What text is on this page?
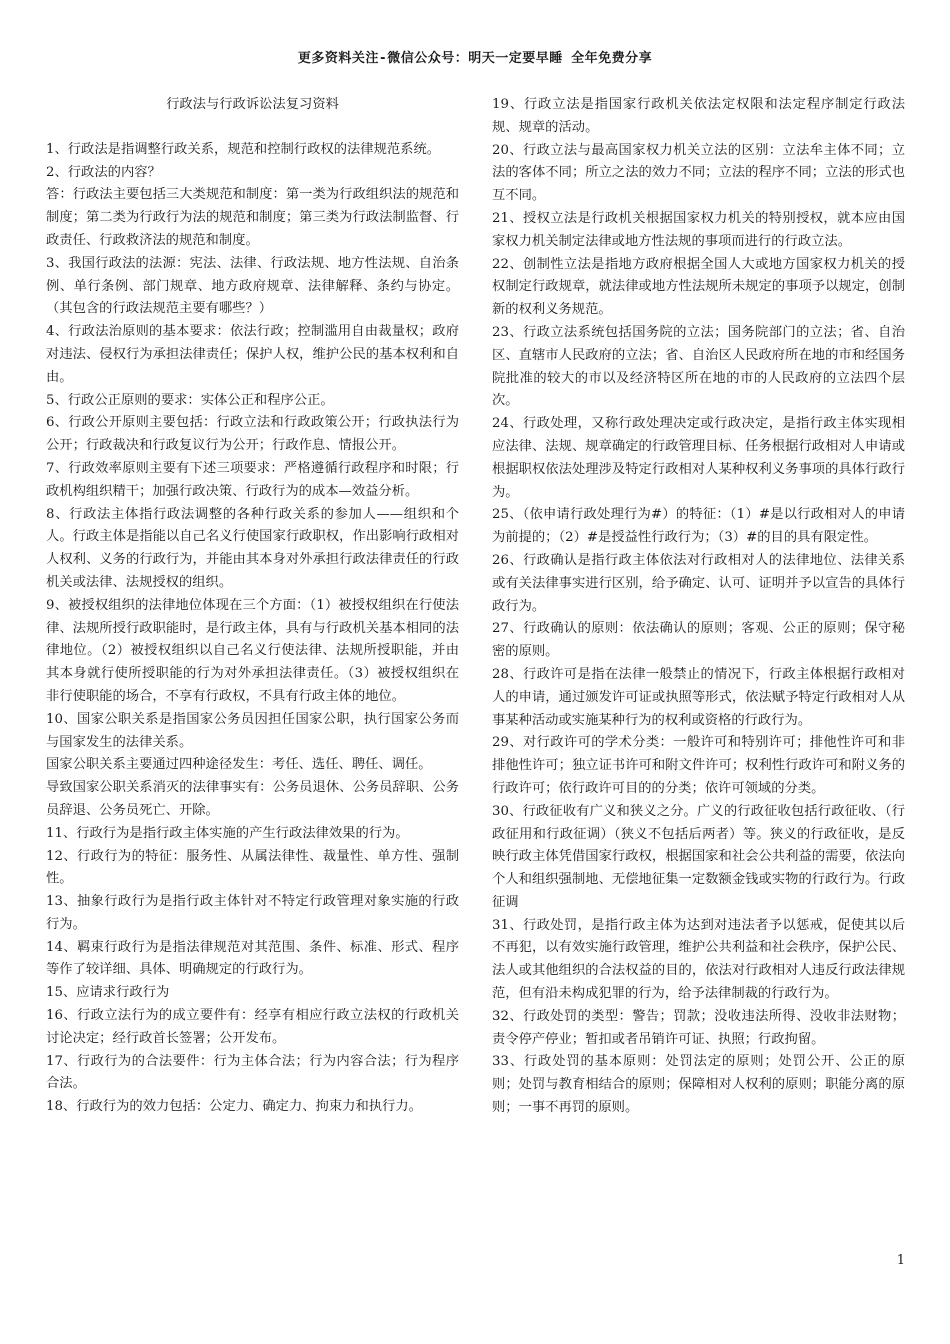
更多资料关注-微信公众号：明天一定要早睡 全年免费分享

行政法与行政诉讼法复习资料

1、行政法是指调整行政关系，规范和控制行政权的法律规范系统。

2、行政法的内容？

答：行政法主要包括三大类规范和制度：第一类为行政组织法的规范和制度；第二类为行政行为法的规范和制度；第三类为行政法制监督、行政责任、行政救济法的规范和制度。

3、我国行政法的法源：宪法、法律、行政法规、地方性法规、自治条例、单行条例、部门规章、地方政府规章、法律解释、条约与协定。（其包含的行政法规范主要有哪些？）

4、行政法治原则的基本要求：依法行政；控制滥用自由裁量权；政府对违法、侵权行为承担法律责任；保护人权，维护公民的基本权利和自由。

5、行政公正原则的要求：实体公正和程序公正。

6、行政公开原则主要包括：行政立法和行政政策公开；行政执法行为公开；行政裁决和行政复议行为公开；行政作息、情报公开。

7、行政效率原则主要有下述三项要求：严格遵循行政程序和时限；行政机构组织精干；加强行政决策、行政行为的成本—效益分析。

8、行政法主体指行政法调整的各种行政关系的参加人——组织和个人。行政主体是指能以自己名义行使国家行政职权，作出影响行政相对人权利、义务的行政行为，并能由其本身对外承担行政法律责任的行政机关或法律、法规授权的组织。

9、被授权组织的法律地位体现在三个方面：（1）被授权组织在行使法律、法规所授行政职能时，是行政主体，具有与行政机关基本相同的法律地位。（2）被授权组织以自己名义行使法律、法规所授职能，并由其本身就行使所授职能的行为对外承担法律责任。（3）被授权组织在非行使职能的场合，不享有行政权，不具有行政主体的地位。

10、国家公职关系是指国家公务员因担任国家公职，执行国家公务而与国家发生的法律关系。

国家公职关系主要通过四种途径发生：考任、选任、聘任、调任。

导致国家公职关系消灭的法律事实有：公务员退休、公务员辞职、公务员辞退、公务员死亡、开除。

11、行政行为是指行政主体实施的产生行政法律效果的行为。

12、行政行为的特征：服务性、从属法律性、裁量性、单方性、强制性。

13、抽象行政行为是指行政主体针对不特定行政管理对象实施的行政行为。

14、羁束行政行为是指法律规范对其范围、条件、标准、形式、程序等作了较详细、具体、明确规定的行政行为。

15、应请求行政行为

16、行政立法行为的成立要件有：经享有相应行政立法权的行政机关讨论决定；经行政首长签署；公开发布。

17、行政行为的合法要件：行为主体合法；行为内容合法；行为程序合法。

18、行政行为的效力包括：公定力、确定力、拘束力和执行力。

19、行政立法是指国家行政机关依法定权限和法定程序制定行政法规、规章的活动。

20、行政立法与最高国家权力机关立法的区别：立法牟主体不同；立法的客体不同；所立之法的效力不同；立法的程序不同；立法的形式也互不同。

21、授权立法是行政机关根据国家权力机关的特别授权，就本应由国家权力机关制定法律或地方性法规的事项而进行的行政立法。

22、创制性立法是指地方政府根据全国人大或地方国家权力机关的授权制定行政规章，就法律或地方性法规所未规定的事项予以规定，创制新的权利义务规范。

23、行政立法系统包括国务院的立法；国务院部门的立法；省、自治区、直辖市人民政府的立法；省、自治区人民政府所在地的市和经国务院批准的较大的市以及经济特区所在地的市的人民政府的立法四个层次。

24、行政处理，又称行政处理决定或行政决定，是指行政主体实现相应法律、法规、规章确定的行政管理目标、任务根据行政相对人申请或根据职权依法处理涉及特定行政相对人某种权利义务事项的具体行政行为。

25、（依申请行政处理行为#）的特征：（1）#是以行政相对人的申请为前提的；（2）#是授益性行政行为；（3）#的目的具有限定性。

26、行政确认是指行政主体依法对行政相对人的法律地位、法律关系或有关法律事实进行区别，给予确定、认可、证明并予以宣告的具体行政行为。

27、行政确认的原则：依法确认的原则；客观、公正的原则；保守秘密的原则。

28、行政许可是指在法律一般禁止的情况下，行政主体根据行政相对人的申请，通过颁发许可证或执照等形式，依法赋予特定行政相对人从事某种活动或实施某种行为的权利或资格的行政行为。

29、对行政许可的学术分类：一般许可和特别许可；排他性许可和非排他性许可；独立证书许可和附文件许可；权利性行政许可和附义务的行政许可；依行政许可目的的分类；依许可领域的分类。

30、行政征收有广义和狭义之分。广义的行政征收包括行政征收、（行政征用和行政征调）（狭义不包括后两者）等。狭义的行政征收，是反映行政主体凭借国家行政权，根据国家和社会公共利益的需要，依法向个人和组织强制地、无偿地征集一定数额金钱或实物的行政行为。行政征调

31、行政处罚，是指行政主体为达到对违法者予以惩戒，促使其以后不再犯，以有效实施行政管理，维护公共利益和社会秩序，保护公民、法人或其他组织的合法权益的目的，依法对行政相对人违反行政法律规范，但有沿未构成犯罪的行为，给予法律制裁的行政行为。

32、行政处罚的类型：警告；罚款；没收违法所得、没收非法财物；责令停产停业；暂扣或者吊销许可证、执照；行政拘留。

33、行政处罚的基本原则：处罚法定的原则；处罚公开、公正的原则；处罚与教育相结合的原则；保障相对人权利的原则；职能分离的原则；一事不再罚的原则。

1
